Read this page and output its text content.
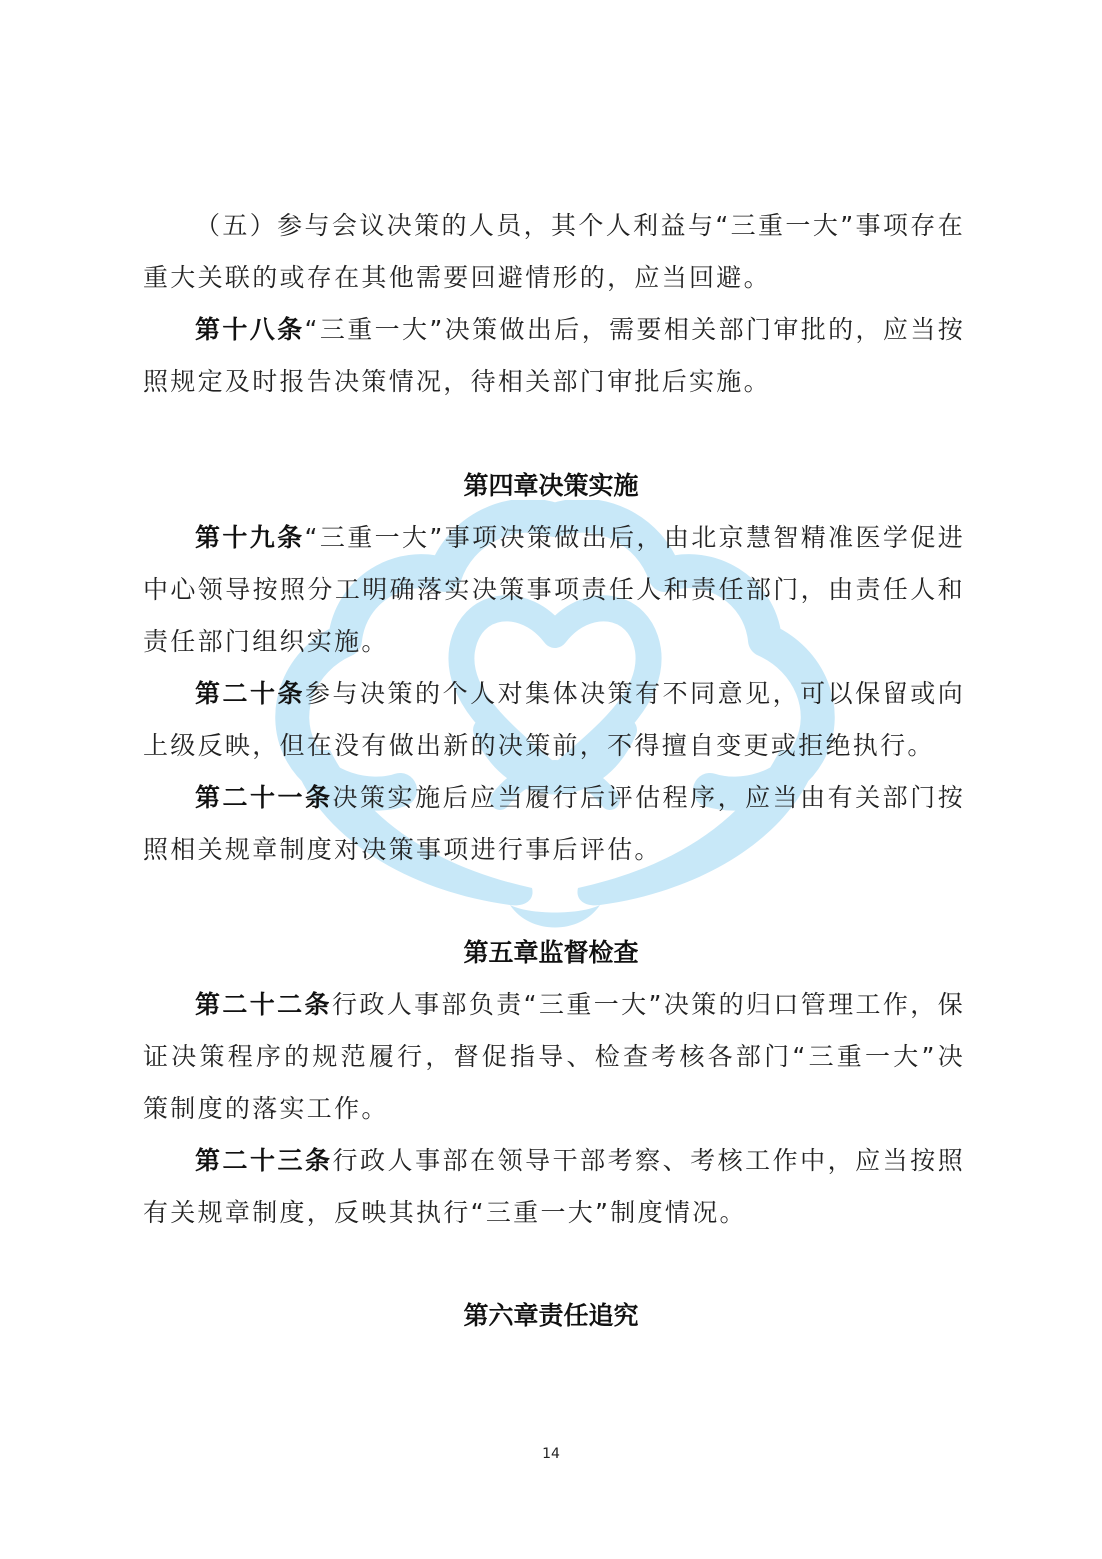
（五）参与会议决策的人员，其个人利益与“三重一大”事项存在重大关联的或存在其他需要回避情形的，应当回避。

第十八条“三重一大”决策做出后，需要相关部门审批的，应当按照规定及时报告决策情况，待相关部门审批后实施。

第四章决策实施

第十九条“三重一大”事项决策做出后，由北京慧智精准医学促进中心领导按照分工明确落实决策事项责任人和责任部门，由责任人和责任部门组织实施。

第二十条参与决策的个人对集体决策有不同意见，可以保留或向上级反映，但在没有做出新的决策前，不得擅自变更或拒绝执行。

第二十一条决策实施后应当履行后评估程序，应当由有关部门按照相关规章制度对决策事项进行事后评估。

第五章监督检查

第二十二条行政人事部负责“三重一大”决策的归口管理工作，保证决策程序的规范履行，督促指导、检查考核各部门“三重一大”决策制度的落实工作。

第二十三条行政人事部在领导干部考察、考核工作中，应当按照有关规章制度，反映其执行“三重一大”制度情况。

第六章责任追究
14
